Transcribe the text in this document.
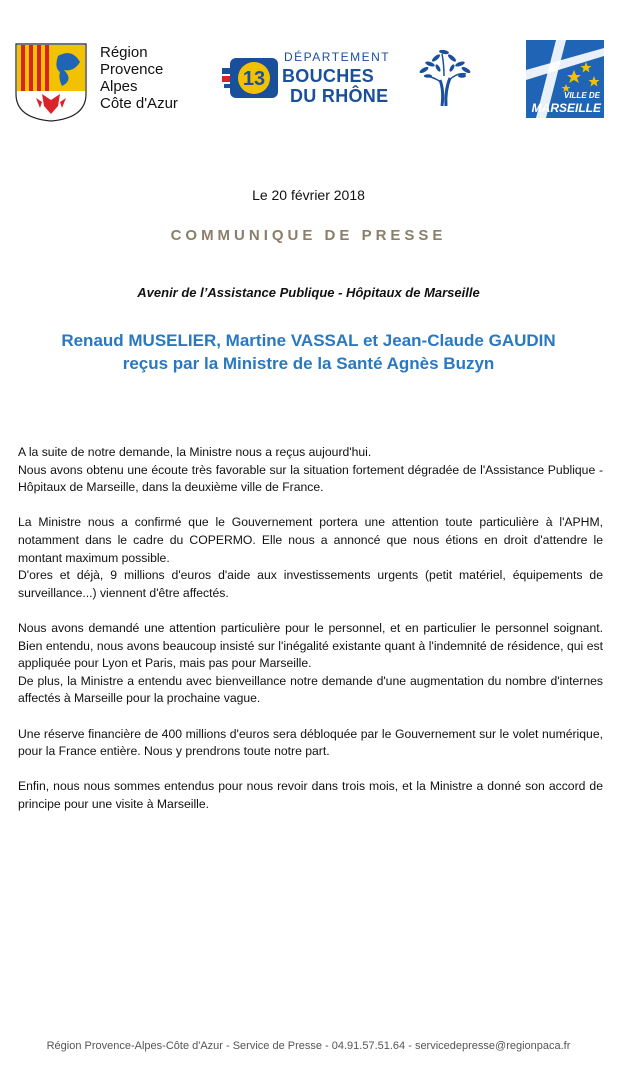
Région
Provence
Alpes
Côte d'Azur
13
DÉPARTEMENT
BOUCHES
DU RHÔNE	VILLE DE
MARSEILLE
Le 20 février 2018
COMMUNIQUE DE PRESSE
Avenir de l’Assistance Publique - Hôpitaux de Marseille
Renaud MUSELIER, Martine VASSAL et Jean-Claude GAUDIN
reçus par la Ministre de la Santé Agnès Buzyn

A la suite de notre demande, la Ministre nous a reçus aujourd'hui.
Nous avons obtenu une écoute très favorable sur la situation fortement dégradée de l'Assistance Publique - Hôpitaux de Marseille, dans la deuxième ville de France.

La Ministre nous a confirmé que le Gouvernement portera une attention toute particulière à l'APHM, notamment dans le cadre du COPERMO. Elle nous a annoncé que nous étions en droit d'attendre le montant maximum possible.
D'ores et déjà, 9 millions d'euros d'aide aux investissements urgents (petit matériel, équipements de surveillance...) viennent d'être affectés.

Nous avons demandé une attention particulière pour le personnel, et en particulier le personnel soignant. Bien entendu, nous avons beaucoup insisté sur l'inégalité existante quant à l'indemnité de résidence, qui est appliquée pour Lyon et Paris, mais pas pour Marseille.
De plus, la Ministre a entendu avec bienveillance notre demande d'une augmentation du nombre d'internes affectés à Marseille pour la prochaine vague.

Une réserve financière de 400 millions d'euros sera débloquée par le Gouvernement sur le volet numérique, pour la France entière. Nous y prendrons toute notre part.

Enfin, nous nous sommes entendus pour nous revoir dans trois mois, et la Ministre a donné son accord de principe pour une visite à Marseille.

Région Provence-Alpes-Côte d'Azur - Service de Presse - 04.91.57.51.64 - servicedepresse@regionpaca.fr
